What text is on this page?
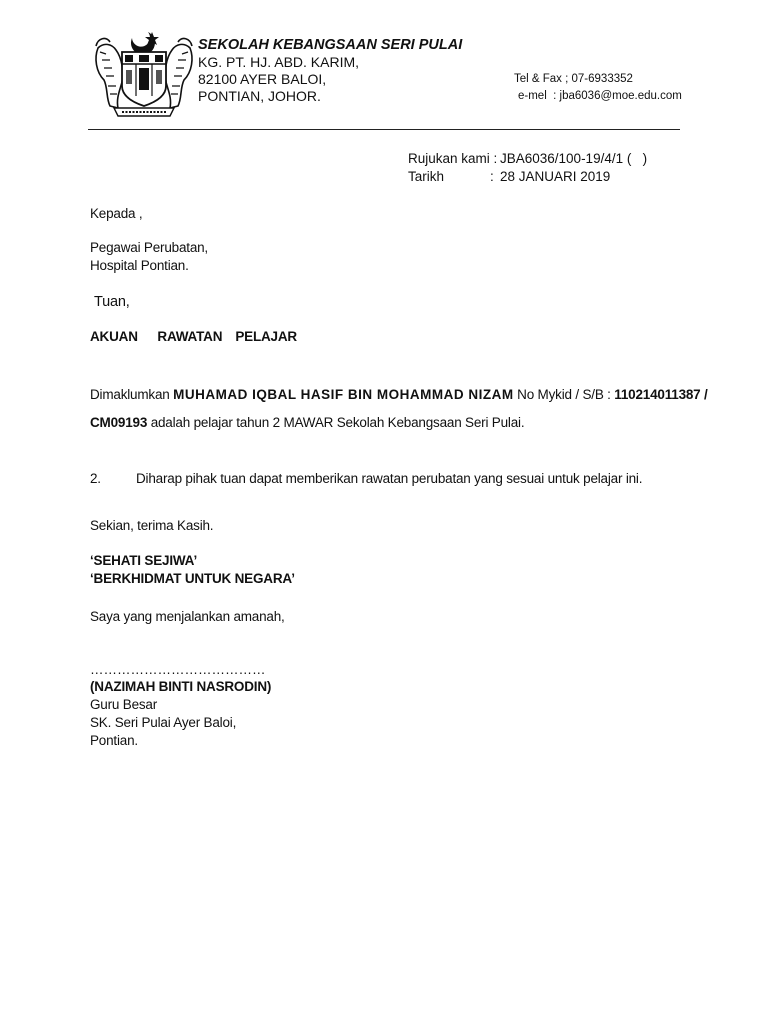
SEKOLAH KEBANGSAAN SERI PULAI
KG. PT. HJ. ABD. KARIM,
82100 AYER BALOI,
PONTIAN, JOHOR.
Tel & Fax ; 07-6933352
e-mel  : jba6036@moe.edu.com
Rujukan kami : JBA6036/100-19/4/1 (   )
Tarikh	: 28 JANUARI 2019
Kepada ,
Pegawai Perubatan,
Hospital Pontian.
Tuan,
AKUAN   RAWATAN  PELAJAR
Dimaklumkan MUHAMAD IQBAL HASIF BIN MOHAMMAD NIZAM No Mykid / S/B : 110214011387 /
CM09193 adalah pelajar tahun 2 MAWAR Sekolah Kebangsaan Seri Pulai.
2.	Diharap pihak tuan dapat memberikan rawatan perubatan yang sesuai untuk pelajar ini.
Sekian, terima Kasih.
‘SEHATI SEJIWA’
‘BERKHIDMAT UNTUK NEGARA’
Saya yang menjalankan amanah,
…………………………………
(NAZIMAH BINTI NASRODIN)
Guru Besar
SK. Seri Pulai Ayer Baloi,
Pontian.
